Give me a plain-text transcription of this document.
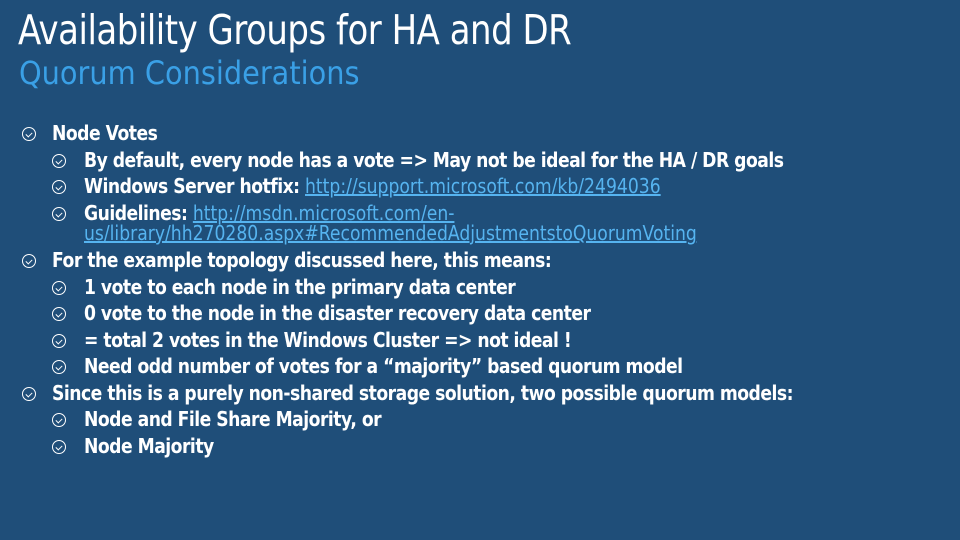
Availability Groups for HA and DR
Quorum Considerations
Node Votes
By default, every node has a vote => May not be ideal for the HA / DR goals
Windows Server hotfix: http://support.microsoft.com/kb/2494036
Guidelines: http://msdn.microsoft.com/en-
us/library/hh270280.aspx#RecommendedAdjustmentstoQuorumVoting
For the example topology discussed here, this means:
1 vote to each node in the primary data center
0 vote to the node in the disaster recovery data center
= total 2 votes in the Windows Cluster => not ideal !
Need odd number of votes for a “majority” based quorum model
Since this is a purely non-shared storage solution, two possible quorum models:
Node and File Share Majority, or
Node Majority
